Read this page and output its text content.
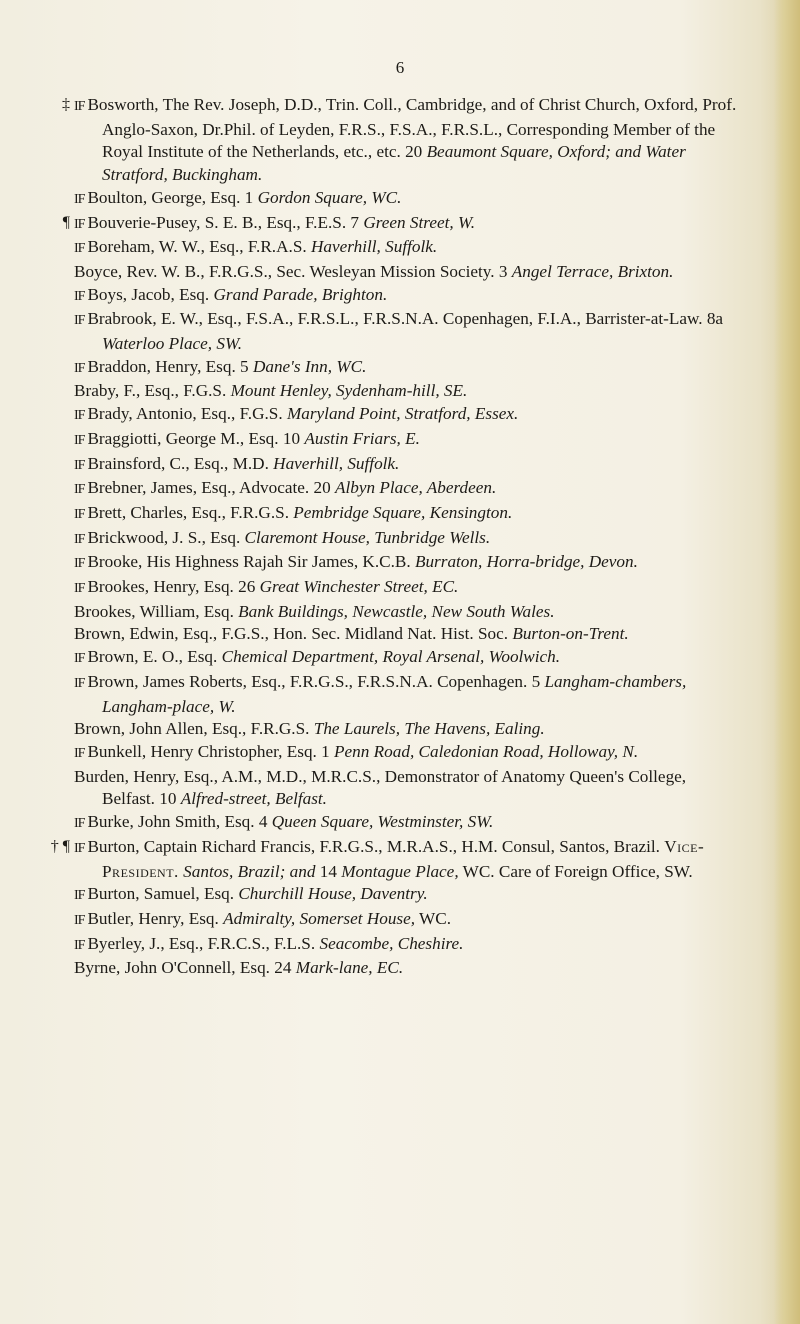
6
‡ IF Bosworth, The Rev. Joseph, D.D., Trin. Coll., Cambridge, and of Christ Church, Oxford, Prof. Anglo-Saxon, Dr.Phil. of Leyden, F.R.S., F.S.A., F.R.S.L., Corresponding Member of the Royal Institute of the Netherlands, etc., etc. 20 Beaumont Square, Oxford; and Water Stratford, Buckingham.
IF Boulton, George, Esq. 1 Gordon Square, WC.
¶ IF Bouverie-Pusey, S. E. B., Esq., F.E.S. 7 Green Street, W.
IF Boreham, W. W., Esq., F.R.A.S. Haverhill, Suffolk.
Boyce, Rev. W. B., F.R.G.S., Sec. Wesleyan Mission Society. 3 Angel Terrace, Brixton.
IF Boys, Jacob, Esq. Grand Parade, Brighton.
IF Brabrook, E. W., Esq., F.S.A., F.R.S.L., F.R.S.N.A. Copenhagen, F.I.A., Barrister-at-Law. 8a Waterloo Place, SW.
IF Braddon, Henry, Esq. 5 Dane's Inn, WC.
Braby, F., Esq., F.G.S. Mount Henley, Sydenham-hill, SE.
IF Brady, Antonio, Esq., F.G.S. Maryland Point, Stratford, Essex.
IF Braggiotti, George M., Esq. 10 Austin Friars, E.
IF Brainsford, C., Esq., M.D. Haverhill, Suffolk.
IF Brebner, James, Esq., Advocate. 20 Albyn Place, Aberdeen.
IF Brett, Charles, Esq., F.R.G.S. Pembridge Square, Kensington.
IF Brickwood, J. S., Esq. Claremont House, Tunbridge Wells.
IF Brooke, His Highness Rajah Sir James, K.C.B. Burraton, Horra-bridge, Devon.
IF Brookes, Henry, Esq. 26 Great Winchester Street, EC.
Brookes, William, Esq. Bank Buildings, Newcastle, New South Wales.
Brown, Edwin, Esq., F.G.S., Hon. Sec. Midland Nat. Hist. Soc. Burton-on-Trent.
IF Brown, E. O., Esq. Chemical Department, Royal Arsenal, Woolwich.
IF Brown, James Roberts, Esq., F.R.G.S., F.R.S.N.A. Copenhagen. 5 Langham-chambers, Langham-place, W.
Brown, John Allen, Esq., F.R.G.S. The Laurels, The Havens, Ealing.
IF Bunkell, Henry Christopher, Esq. 1 Penn Road, Caledonian Road, Holloway, N.
Burden, Henry, Esq., A.M., M.D., M.R.C.S., Demonstrator of Anatomy Queen's College, Belfast. 10 Alfred-street, Belfast.
IF Burke, John Smith, Esq. 4 Queen Square, Westminster, SW.
† ¶ IF Burton, Captain Richard Francis, F.R.G.S., M.R.A.S., H.M. Consul, Santos, Brazil. Vice-President. Santos, Brazil; and 14 Montague Place, WC. Care of Foreign Office, SW.
IF Burton, Samuel, Esq. Churchill House, Daventry.
IF Butler, Henry, Esq. Admiralty, Somerset House, WC.
IF Byerley, J., Esq., F.R.C.S., F.L.S. Seacombe, Cheshire.
Byrne, John O'Connell, Esq. 24 Mark-lane, EC.
